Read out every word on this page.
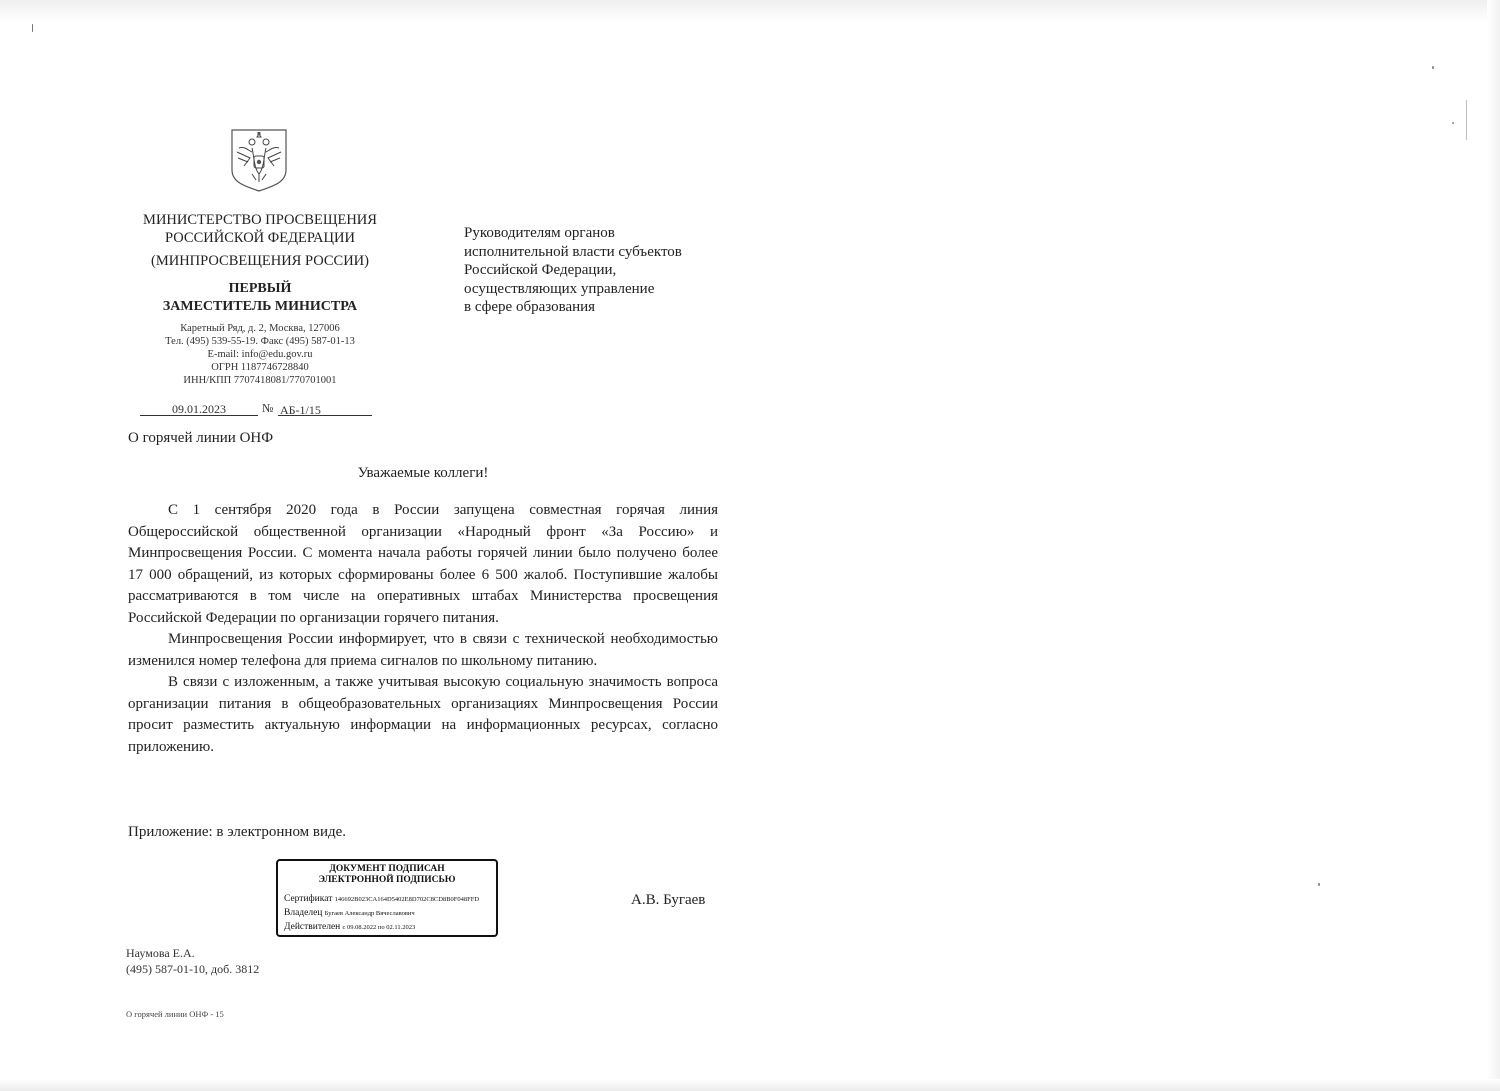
МИНИСТЕРСТВО ПРОСВЕЩЕНИЯ
РОССИЙСКОЙ ФЕДЕРАЦИИ
(МИНПРОСВЕЩЕНИЯ РОССИИ)
ПЕРВЫЙ
ЗАМЕСТИТЕЛЬ МИНИСТРА
Каретный Ряд, д. 2, Москва, 127006
Тел. (495) 539-55-19. Факс (495) 587-01-13
E-mail: info@edu.gov.ru
ОГРН 1187746728840
ИНН/КПП 7707418081/770701001
09.01.2023	№ АБ-1/15
Руководителям органов
исполнительной власти субъектов
Российской Федерации,
осуществляющих управление
в сфере образования
О горячей линии ОНФ
Уважаемые коллеги!

С 1 сентября 2020 года в России запущена совместная горячая линия Общероссийской общественной организации «Народный фронт «За Россию» и Минпросвещения России. С момента начала работы горячей линии было получено более 17 000 обращений, из которых сформированы более 6 500 жалоб. Поступившие жалобы рассматриваются в том числе на оперативных штабах Министерства просвещения Российской Федерации по организации горячего питания.

Минпросвещения России информирует, что в связи с технической необходимостью изменился номер телефона для приема сигналов по школьному питанию.

В связи с изложенным, а также учитывая высокую социальную значимость вопроса организации питания в общеобразовательных организациях Минпросвещения России просит разместить актуальную информации на информационных ресурсах, согласно приложению.

Приложение: в электронном виде.
ДОКУМЕНТ ПОДПИСАН
ЭЛЕКТРОННОЙ ПОДПИСЬЮ
Сертификат 146692B023CA164D5402E8D702C8CD8B0F048FFD
Владелец Бугаев Александр Вячеславович
Действителен с 09.08.2022 по 02.11.2023
А.В. Бугаев
Наумова Е.А.
(495) 587-01-10, доб. 3812
О горячей линии ОНФ - 15
